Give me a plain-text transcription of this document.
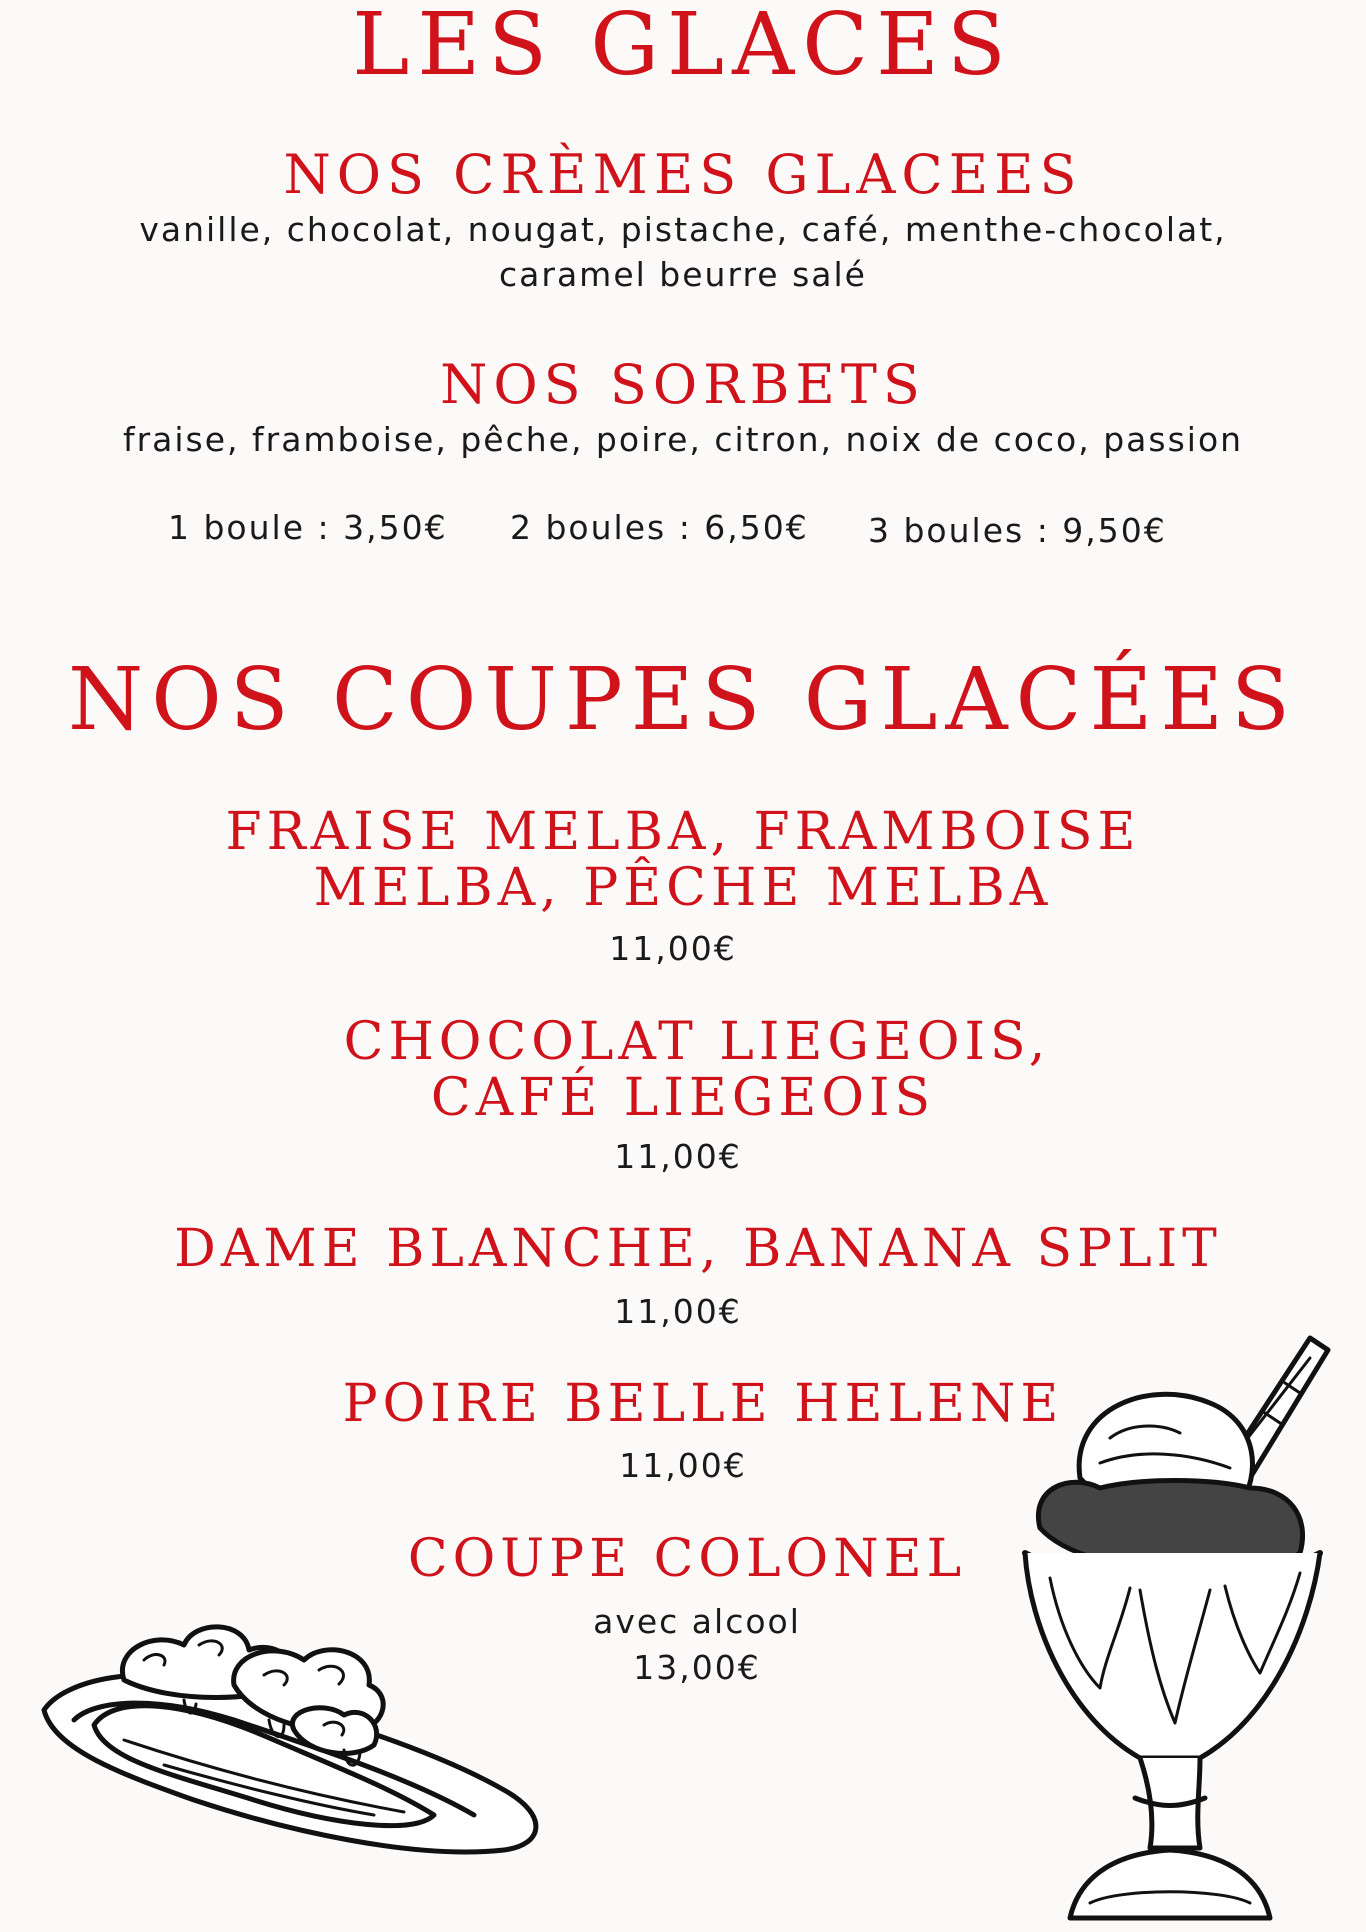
LES GLACES
NOS CRÈMES GLACEES
vanille, chocolat, nougat, pistache, café, menthe-chocolat,
caramel beurre salé
NOS SORBETS
fraise, framboise, pêche, poire, citron, noix de coco, passion
1 boule : 3,50€ 2 boules : 6,50€ 3 boules : 9,50€
NOS COUPES GLACÉES
FRAISE MELBA, FRAMBOISE
MELBA, PÊCHE MELBA
11,00€
CHOCOLAT LIEGEOIS,
CAFÉ LIEGEOIS
11,00€
DAME BLANCHE, BANANA SPLIT
11,00€
POIRE BELLE HELENE
11,00€
COUPE COLONEL
avec alcool
13,00€
